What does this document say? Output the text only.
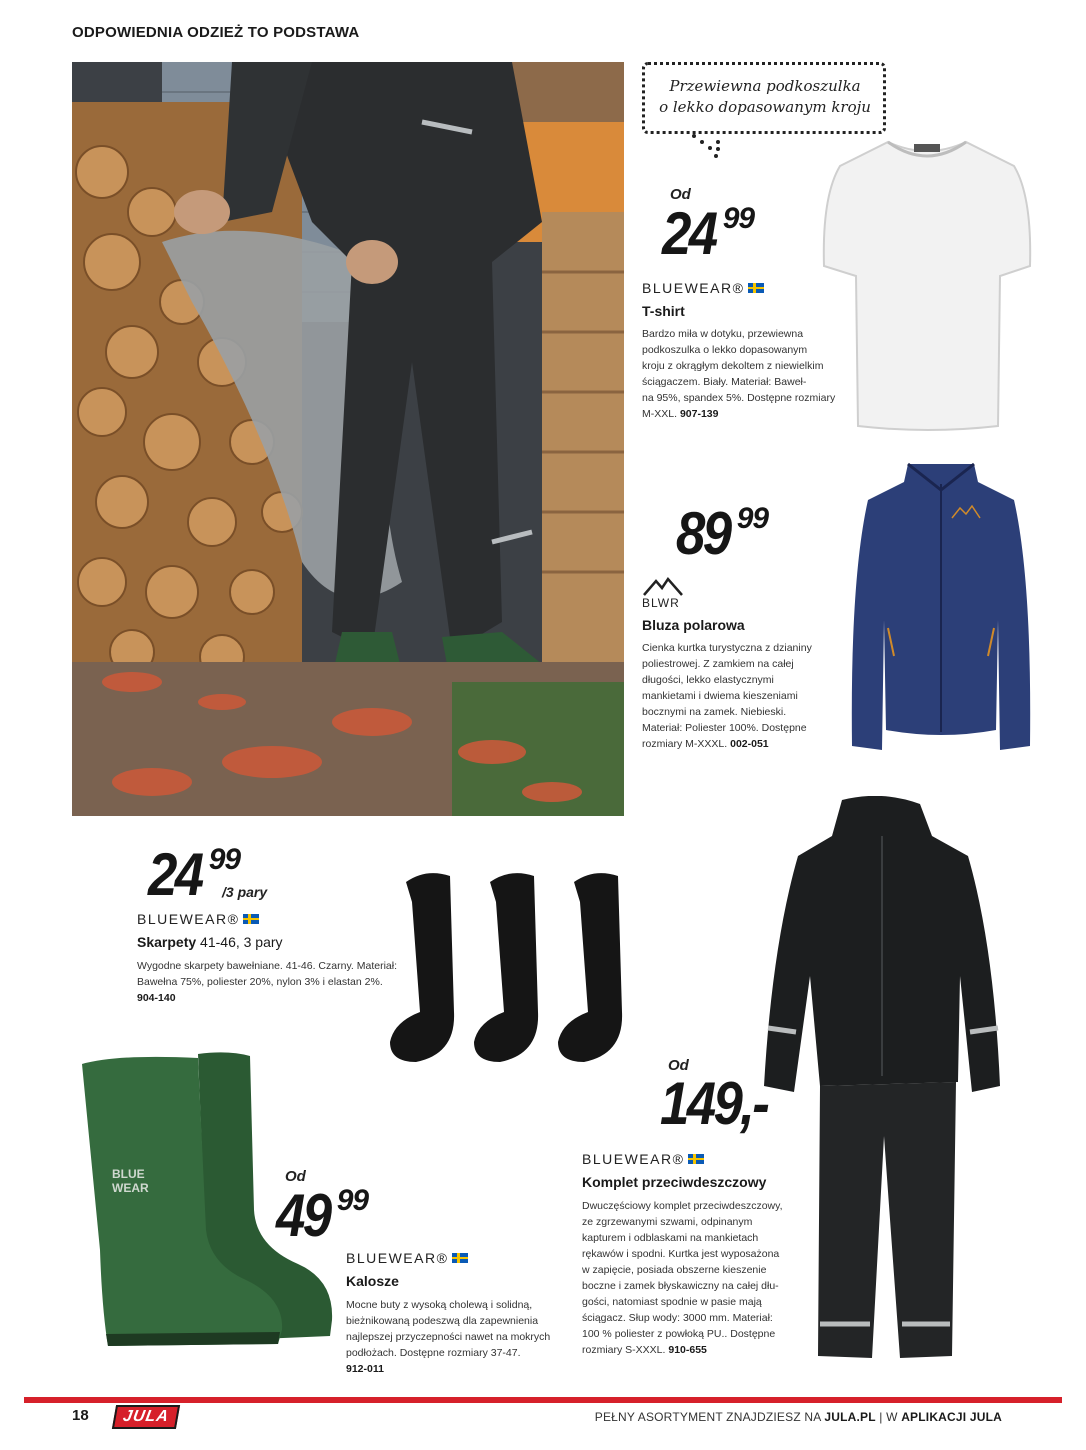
ODPOWIEDNIA ODZIEŻ TO PODSTAWA
Przewiewna podkoszulka
o lekko dopasowanym kroju
Od
24 99
BLUEWEAR®
T-shirt
Bardzo miła w dotyku, przewiewna
podkoszulka o lekko dopasowanym
kroju z okrągłym dekoltem z niewielkim
ściągaczem. Biały. Materiał: Baweł-
na 95%, spandex 5%. Dostępne rozmiary
M-XXL. 907-139
89 99
BLWR
Bluza polarowa
Cienka kurtka turystyczna z dzianiny
poliestrowej. Z zamkiem na całej
długości, lekko elastycznymi
mankietami i dwiema kieszeniami
bocznymi na zamek. Niebieski.
Materiał: Poliester 100%. Dostępne
rozmiary M-XXXL. 002-051
24 99
/3 pary
BLUEWEAR®
Skarpety 41-46, 3 pary
Wygodne skarpety bawełniane. 41-46. Czarny. Materiał:
Bawełna 75%, poliester 20%, nylon 3% i elastan 2%.
904-140
BLUE
WEAR
Od
49 99
BLUEWEAR®
Kalosze
Mocne buty z wysoką cholewą i solidną,
bieżnikowaną podeszwą dla zapewnienia
najlepszej przyczepności nawet na mokrych
podłożach. Dostępne rozmiary 37-47.
912-011
Od
149,-
BLUEWEAR®
Komplet przeciwdeszczowy
Dwuczęściowy komplet przeciwdeszczowy,
ze zgrzewanymi szwami, odpinanym
kapturem i odblaskami na mankietach
rękawów i spodni. Kurtka jest wyposażona
w zapięcie, posiada obszerne kieszenie
boczne i zamek błyskawiczny na całej dłu-
gości, natomiast spodnie w pasie mają
ściągacz. Słup wody: 3000 mm. Materiał:
100 % poliester z powłoką PU.. Dostępne
rozmiary S-XXXL. 910-655
18	JULA	PEŁNY ASORTYMENT ZNAJDZIESZ NA JULA.PL | W APLIKACJI JULA
